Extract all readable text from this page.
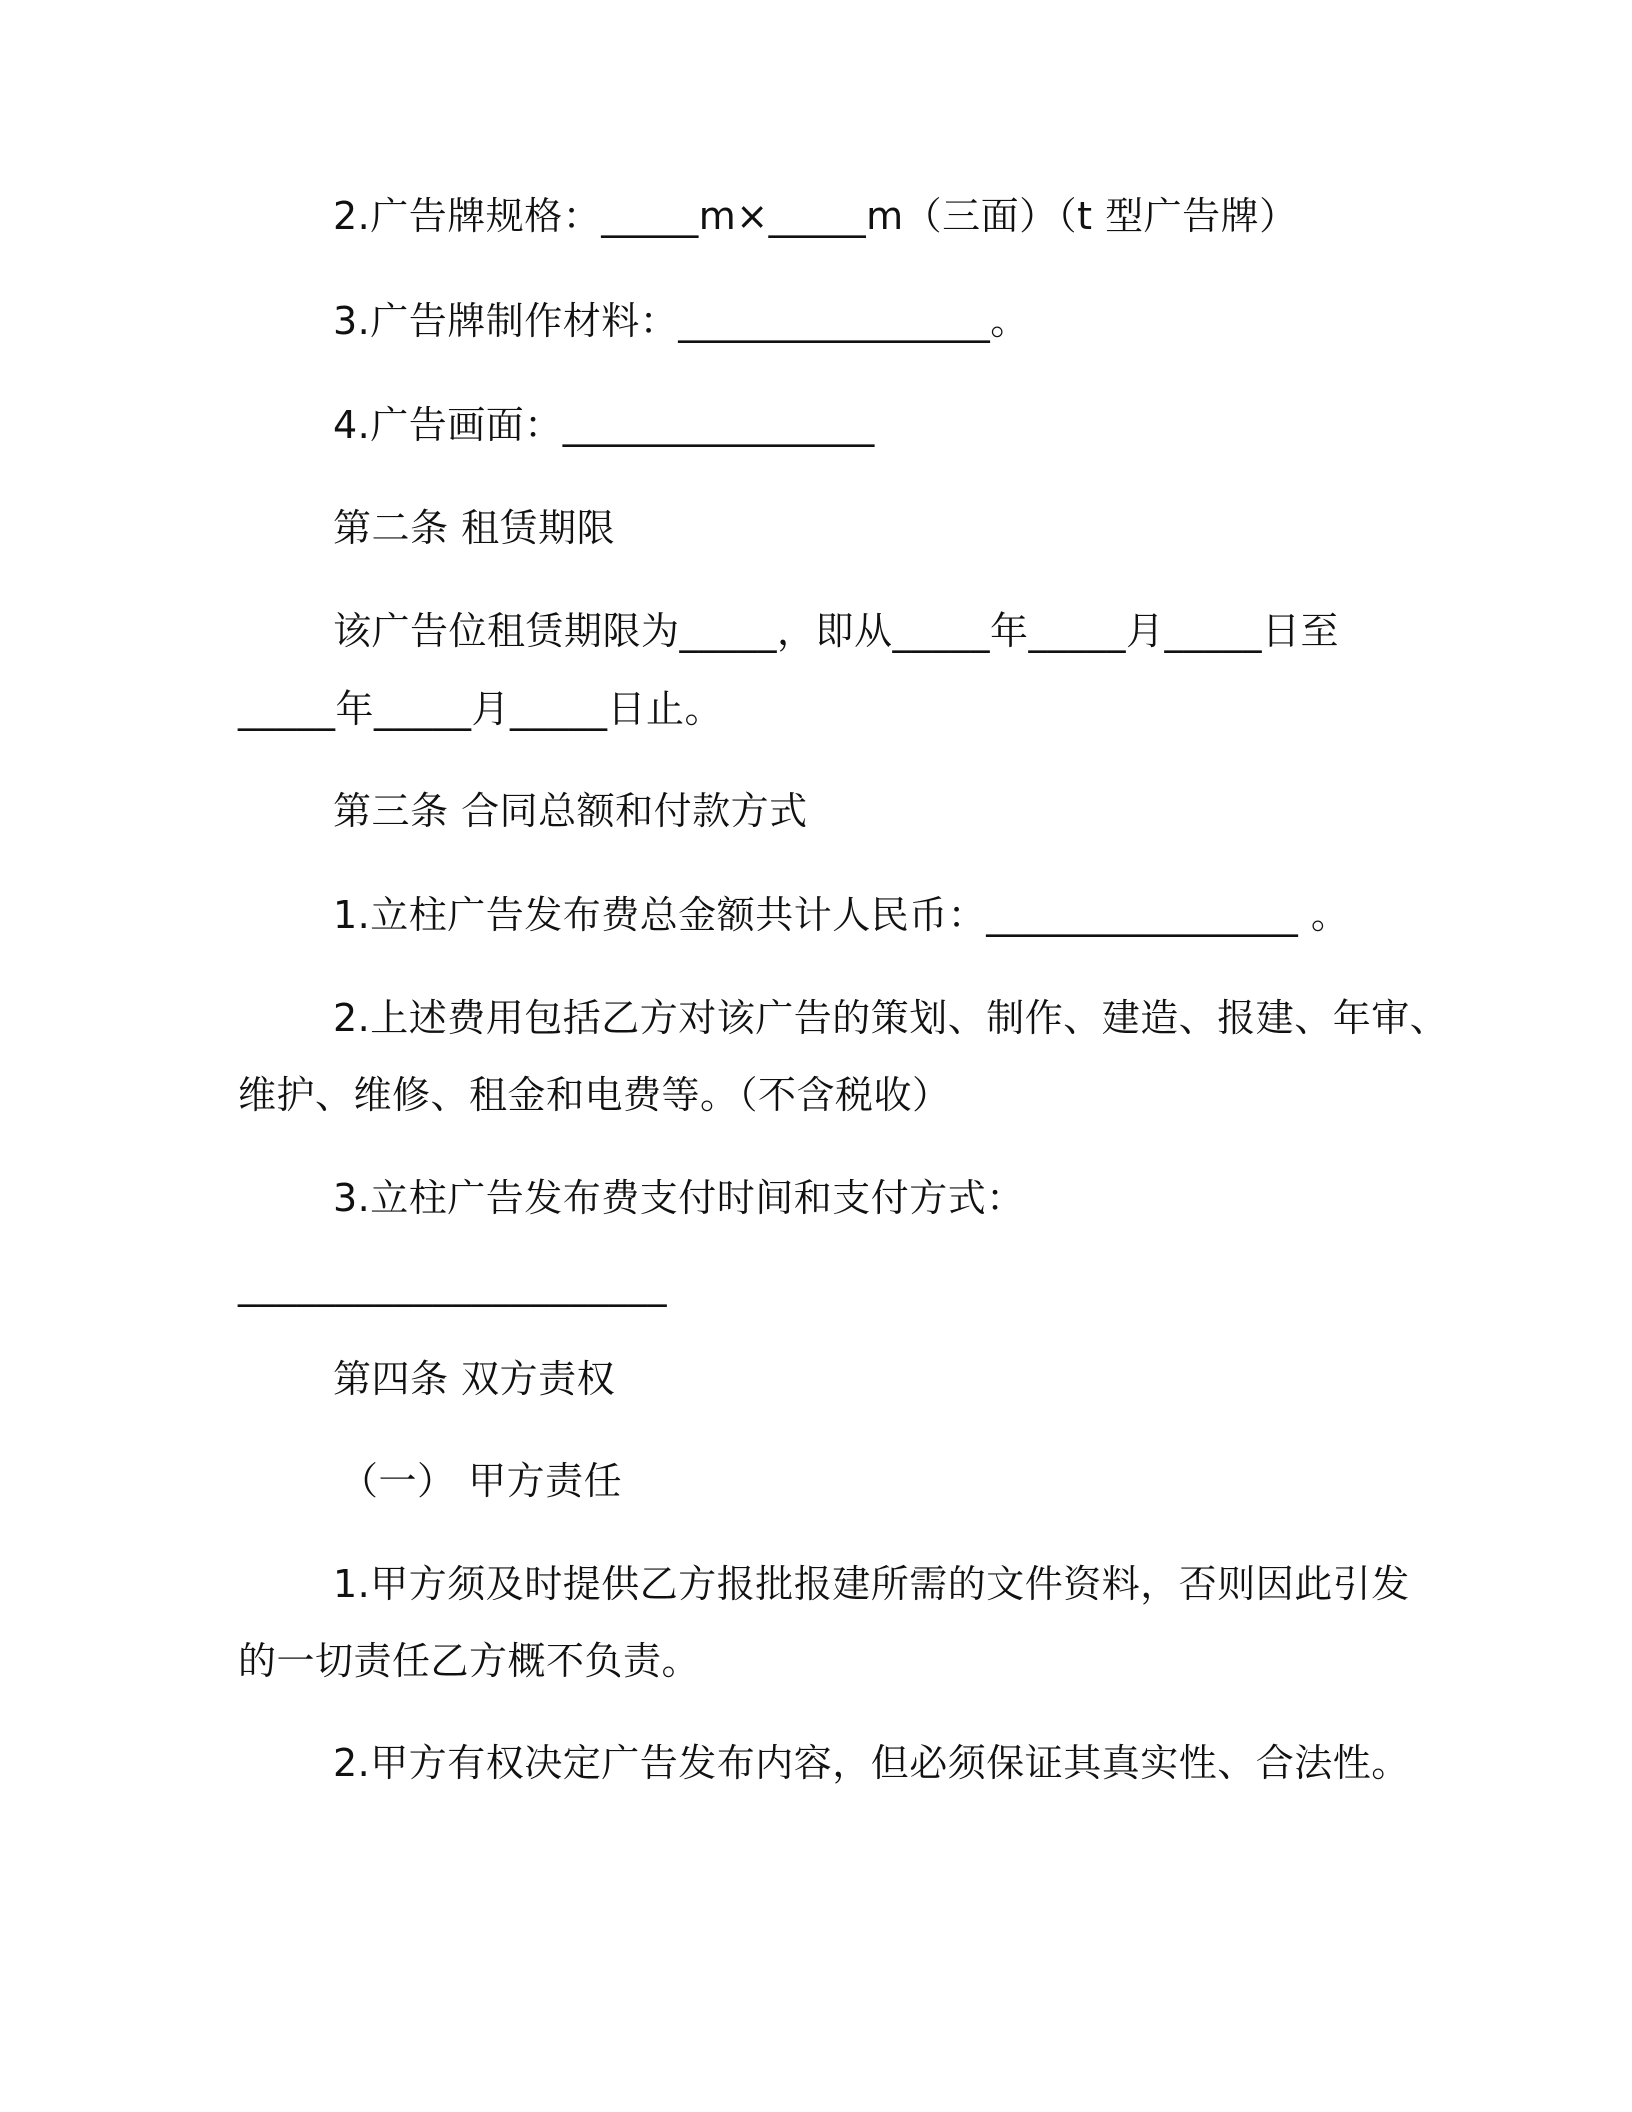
2.广告牌规格：_____m×_____m（三面）（t 型广告牌）
3.广告牌制作材料：________________。
4.广告画面：________________
第二条 租赁期限
该广告位租赁期限为_____，即从_____年_____月_____日至
_____年_____月_____日止。
第三条 合同总额和付款方式
1.立柱广告发布费总金额共计人民币：________________ 。
2.上述费用包括乙方对该广告的策划、制作、建造、报建、年审、
维护、维修、租金和电费等。（不含税收）
3.立柱广告发布费支付时间和支付方式：
______________________
第四条 双方责权
（一） 甲方责任
1.甲方须及时提供乙方报批报建所需的文件资料，否则因此引发
的一切责任乙方概不负责。
2.甲方有权决定广告发布内容，但必须保证其真实性、合法性。
